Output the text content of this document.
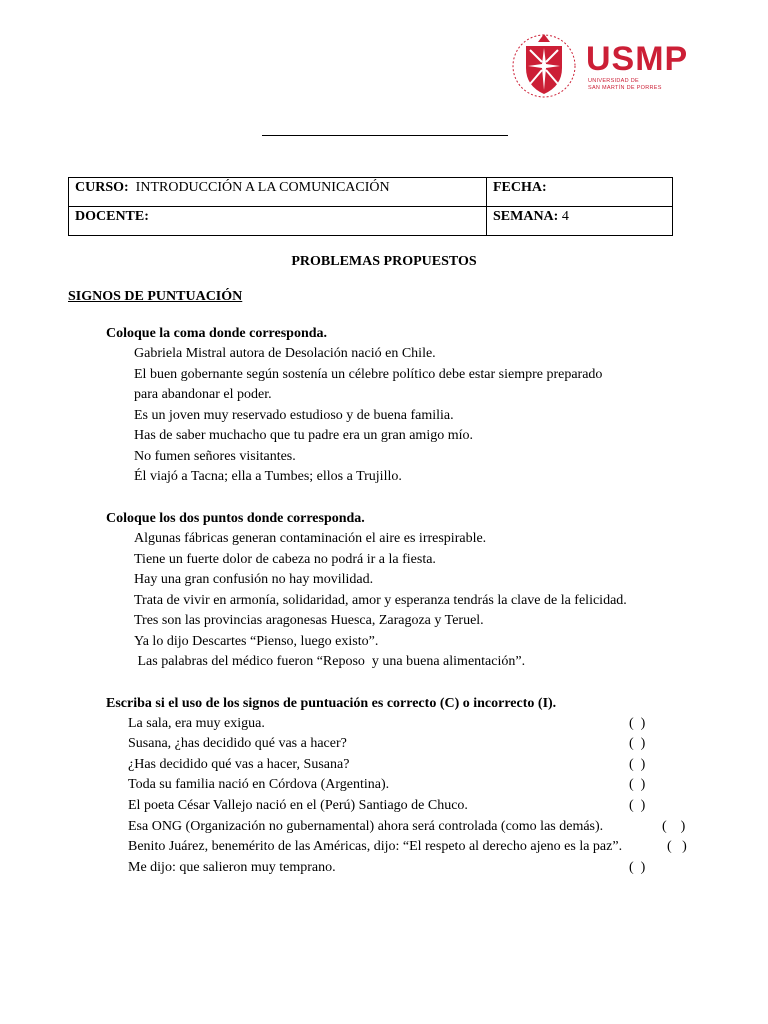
USMP
UNIVERSIDAD DE
SAN MARTÍN DE PORRES
CURSO: INTRODUCCIÓN A LA COMUNICACIÓN	FECHA:
DOCENTE:	SEMANA: 4
PROBLEMAS PROPUESTOS
SIGNOS DE PUNTUACIÓN
Coloque la coma donde corresponda.
Gabriela Mistral autora de Desolación nació en Chile.
El buen gobernante según sostenía un célebre político debe estar siempre preparado
para abandonar el poder.
Es un joven muy reservado estudioso y de buena familia.
Has de saber muchacho que tu padre era un gran amigo mío.
No fumen señores visitantes.
Él viajó a Tacna; ella a Tumbes; ellos a Trujillo.
Coloque los dos puntos donde corresponda.
Algunas fábricas generan contaminación el aire es irrespirable.
Tiene un fuerte dolor de cabeza no podrá ir a la fiesta.
Hay una gran confusión no hay movilidad.
Trata de vivir en armonía, solidaridad, amor y esperanza tendrás la clave de la felicidad.
Tres son las provincias aragonesas Huesca, Zaragoza y Teruel.
Ya lo dijo Descartes “Pienso, luego existo”.
Las palabras del médico fueron “Reposo  y una buena alimentación”.
Escriba si el uso de los signos de puntuación es correcto (C) o incorrecto (I).
La sala, era muy exigua.	(  )
Susana, ¿has decidido qué vas a hacer?	(  )
¿Has decidido qué vas a hacer, Susana?	(  )
Toda su familia nació en Córdova (Argentina).	(  )
El poeta César Vallejo nació en el (Perú) Santiago de Chuco.	(  )
Esa ONG (Organización no gubernamental) ahora será controlada (como las demás).	(    )
Benito Juárez, benemérito de las Américas, dijo: “El respeto al derecho ajeno es la paz”.	(   )
Me dijo: que salieron muy temprano.	(  )
